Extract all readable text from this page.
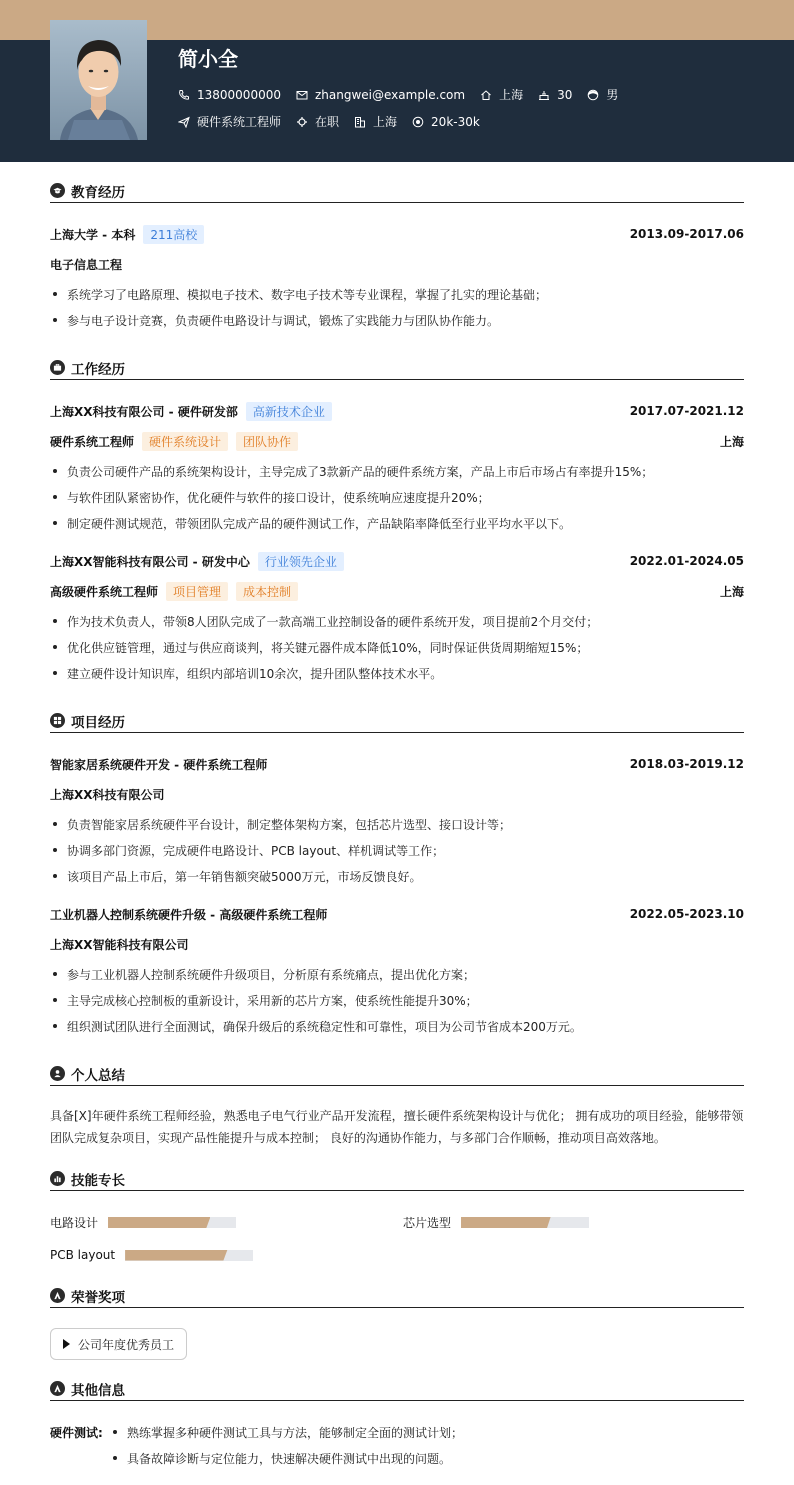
简小全
13800000000	zhangwei@example.com	上海	30	男
硬件系统工程师	在职	上海	20k-30k
教育经历
上海大学 - 本科	211高校	2013.09-2017.06
电子信息工程
系统学习了电路原理、模拟电子技术、数字电子技术等专业课程，掌握了扎实的理论基础；
参与电子设计竞赛，负责硬件电路设计与调试，锻炼了实践能力与团队协作能力。
工作经历
上海XX科技有限公司 - 硬件研发部	高新技术企业	2017.07-2021.12
硬件系统工程师	硬件系统设计	团队协作	上海
负责公司硬件产品的系统架构设计，主导完成了3款新产品的硬件系统方案，产品上市后市场占有率提升15%；
与软件团队紧密协作，优化硬件与软件的接口设计，使系统响应速度提升20%；
制定硬件测试规范，带领团队完成产品的硬件测试工作，产品缺陷率降低至行业平均水平以下。
上海XX智能科技有限公司 - 研发中心	行业领先企业	2022.01-2024.05
高级硬件系统工程师	项目管理	成本控制	上海
作为技术负责人，带领8人团队完成了一款高端工业控制设备的硬件系统开发，项目提前2个月交付；
优化供应链管理，通过与供应商谈判，将关键元器件成本降低10%，同时保证供货周期缩短15%；
建立硬件设计知识库，组织内部培训10余次，提升团队整体技术水平。
项目经历
智能家居系统硬件开发 - 硬件系统工程师	2018.03-2019.12
上海XX科技有限公司
负责智能家居系统硬件平台设计，制定整体架构方案，包括芯片选型、接口设计等；
协调多部门资源，完成硬件电路设计、PCB layout、样机调试等工作；
该项目产品上市后，第一年销售额突破5000万元，市场反馈良好。
工业机器人控制系统硬件升级 - 高级硬件系统工程师	2022.05-2023.10
上海XX智能科技有限公司
参与工业机器人控制系统硬件升级项目，分析原有系统痛点，提出优化方案；
主导完成核心控制板的重新设计，采用新的芯片方案，使系统性能提升30%；
组织测试团队进行全面测试，确保升级后的系统稳定性和可靠性，项目为公司节省成本200万元。
个人总结
具备[X]年硬件系统工程师经验，熟悉电子电气行业产品开发流程，擅长硬件系统架构设计与优化； 拥有成功的项目经验，能够带领
团队完成复杂项目，实现产品性能提升与成本控制； 良好的沟通协作能力，与多部门合作顺畅，推动项目高效落地。
技能专长
电路设计	芯片选型
PCB layout
荣誉奖项
公司年度优秀员工
其他信息
硬件测试:	熟练掌握多种硬件测试工具与方法，能够制定全面的测试计划；
具备故障诊断与定位能力，快速解决硬件测试中出现的问题。
